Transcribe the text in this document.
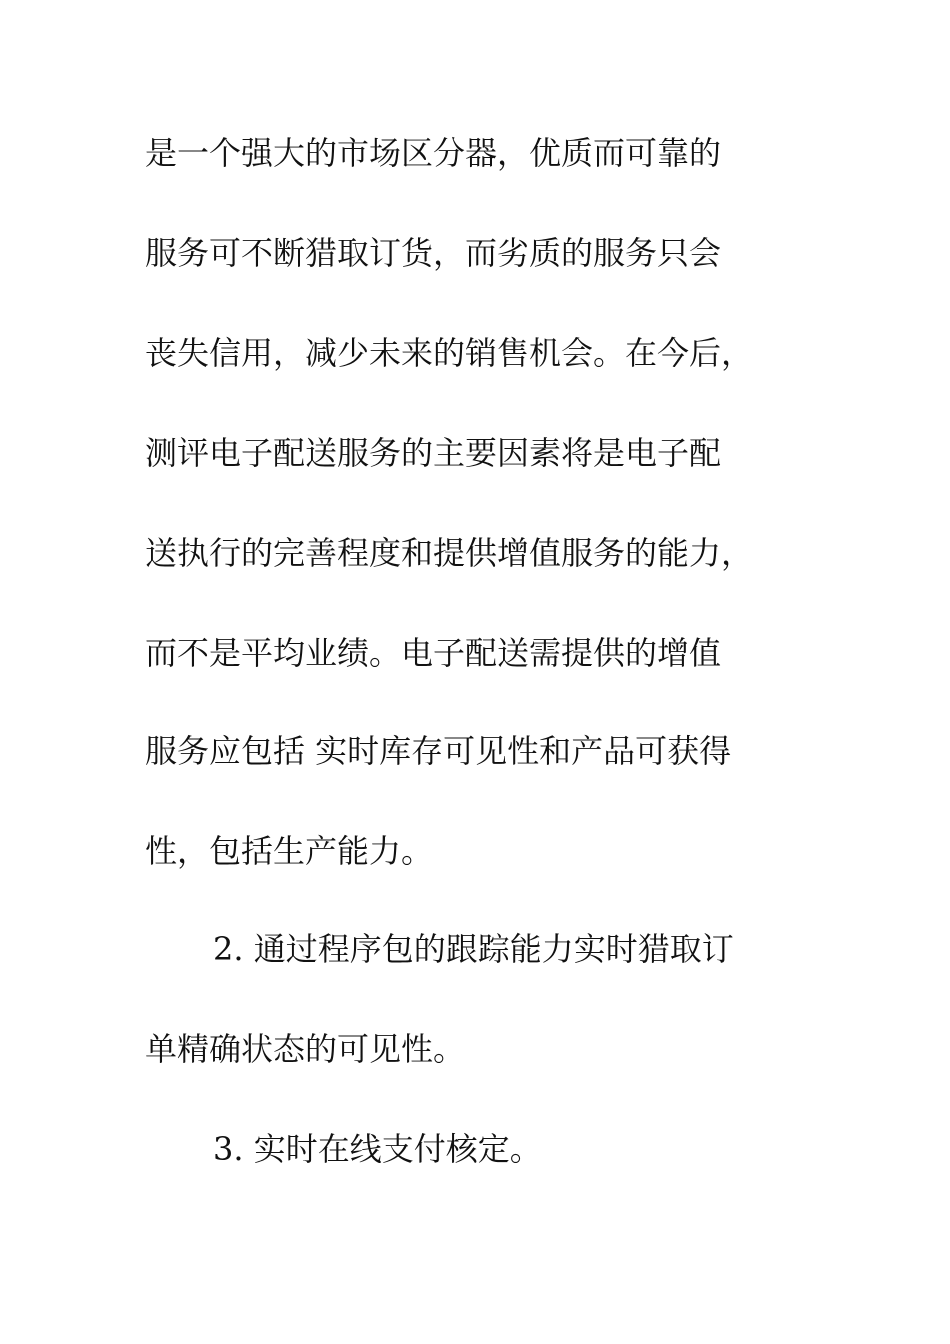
是一个强大的市场区分器，优质而可靠的
服务可不断猎取订货，而劣质的服务只会
丧失信用，减少未来的销售机会。在今后，
测评电子配送服务的主要因素将是电子配
送执行的完善程度和提供增值服务的能力，
而不是平均业绩。电子配送需提供的增值
服务应包括 实时库存可见性和产品可获得
性，包括生产能力。
2. 通过程序包的跟踪能力实时猎取订
单精确状态的可见性。
3. 实时在线支付核定。
